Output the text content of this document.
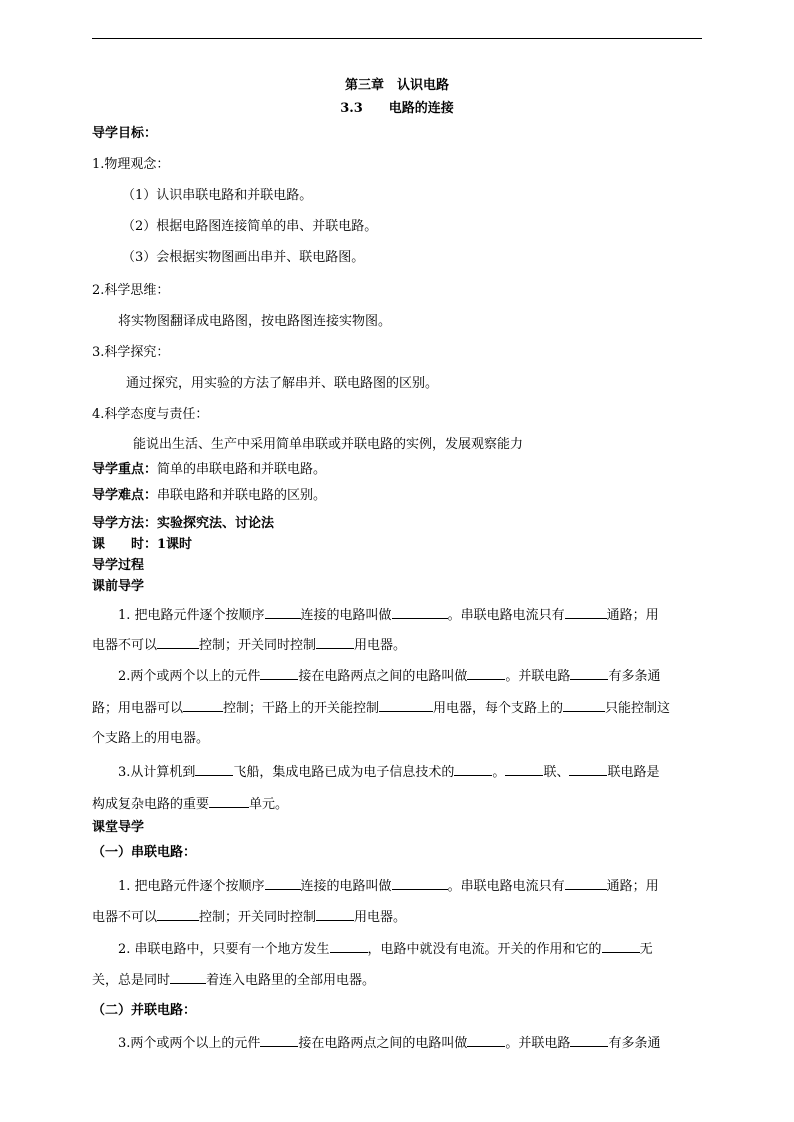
第三章　认识电路
3.3　　电路的连接
导学目标：
1.物理观念：
（1）认识串联电路和并联电路。
（2）根据电路图连接简单的串、并联电路。
（3）会根据实物图画出串并、联电路图。
2.科学思维：
将实物图翻译成电路图，按电路图连接实物图。
3.科学探究：
通过探究，用实验的方法了解串并、联电路图的区别。
4.科学态度与责任：
能说出生活、生产中采用简单串联或并联电路的实例，发展观察能力
导学重点：简单的串联电路和并联电路。
导学难点：串联电路和并联电路的区别。
导学方法：实验探究法、讨论法
课　　时：1课时
导学过程
课前导学
1. 把电路元件逐个按顺序	连接的电路叫做	。串联电路电流只有	通路；用
电器不可以	控制；开关同时控制	用电器。
2.两个或两个以上的元件	接在电路两点之间的电路叫做	。并联电路	有多条通
路；用电器可以	控制；干路上的开关能控制	用电器，每个支路上的	只能控制这
个支路上的用电器。
3.从计算机到	飞船，集成电路已成为电子信息技术的	。	联、	联电路是
构成复杂电路的重要	单元。
课堂导学
（一）串联电路：
1. 把电路元件逐个按顺序	连接的电路叫做	。串联电路电流只有	通路；用
电器不可以	控制；开关同时控制	用电器。
2. 串联电路中，只要有一个地方发生	，电路中就没有电流。开关的作用和它的	无
关，总是同时	着连入电路里的全部用电器。
（二）并联电路：
3.两个或两个以上的元件	接在电路两点之间的电路叫做	。并联电路	有多条通
